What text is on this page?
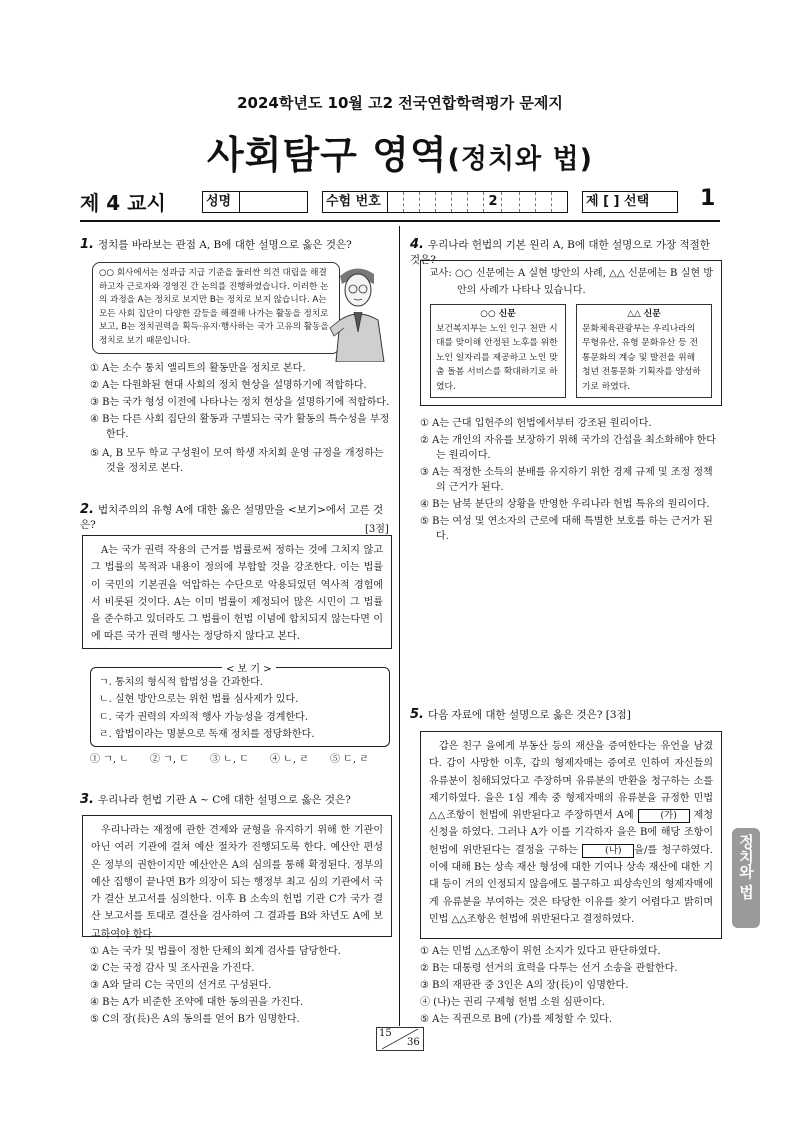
2024학년도 10월 고2 전국연합학력평가 문제지
사회탐구 영역(정치와 법)
제 4 교시	성명	수험 번호	2	제 [ ] 선택	1
1. 정치를 바라보는 관점 A, B에 대한 설명으로 옳은 것은?
○○ 회사에서는 성과급 지급 기준을 둘러싼 의견 대립을 해결하고자 근로자와 경영진 간 논의를 진행하였습니다. 이러한 논의 과정을 A는 정치로 보지만 B는 정치로 보지 않습니다. A는 모든 사회 집단이 다양한 갈등을 해결해 나가는 활동을 정치로 보고, B는 정치권력을 획득·유지·행사하는 국가 고유의 활동을 정치로 보기 때문입니다.
① A는 소수 통치 엘리트의 활동만을 정치로 본다.
② A는 다원화된 현대 사회의 정치 현상을 설명하기에 적합하다.
③ B는 국가 형성 이전에 나타나는 정치 현상을 설명하기에 적합하다.
④ B는 다른 사회 집단의 활동과 구별되는 국가 활동의 특수성을 부정한다.
⑤ A, B 모두 학교 구성원이 모여 학생 자치회 운영 규정을 개정하는 것을 정치로 본다.
2. 법치주의의 유형 A에 대한 옳은 설명만을 <보기>에서 고른 것은?	[3점]
A는 국가 권력 작용의 근거를 법률로써 정하는 것에 그치지 않고 그 법률의 목적과 내용이 정의에 부합할 것을 강조한다. 이는 법률이 국민의 기본권을 억압하는 수단으로 악용되었던 역사적 경험에서 비롯된 것이다. A는 이미 법률이 제정되어 많은 시민이 그 법률을 준수하고 있더라도 그 법률이 헌법 이념에 합치되지 않는다면 이에 따른 국가 권력 행사는 정당하지 않다고 본다.
ㄱ. 통치의 형식적 합법성을 간과한다.
ㄴ. 실현 방안으로는 위헌 법률 심사제가 있다.
ㄷ. 국가 권력의 자의적 행사 가능성을 경계한다.
ㄹ. 합법이라는 명분으로 독재 정치를 정당화한다.
< 보 기 >
① ㄱ, ㄴ	② ㄱ, ㄷ	③ ㄴ, ㄷ	④ ㄴ, ㄹ	⑤ ㄷ, ㄹ
3. 우리나라 헌법 기관 A ~ C에 대한 설명으로 옳은 것은?
우리나라는 재정에 관한 견제와 균형을 유지하기 위해 한 기관이 아닌 여러 기관에 걸쳐 예산 절차가 진행되도록 한다. 예산안 편성은 정부의 권한이지만 예산안은 A의 심의를 통해 확정된다. 정부의 예산 집행이 끝나면 B가 의장이 되는 행정부 최고 심의 기관에서 국가 결산 보고서를 심의한다. 이후 B 소속의 헌법 기관 C가 국가 결산 보고서를 토대로 결산을 검사하여 그 결과를 B와 차년도 A에 보고하여야 한다.
① A는 국가 및 법률이 정한 단체의 회계 검사를 담당한다.
② C는 국정 감사 및 조사권을 가진다.
③ A와 달리 C는 국민의 선거로 구성된다.
④ B는 A가 비준한 조약에 대한 동의권을 가진다.
⑤ C의 장(長)은 A의 동의를 얻어 B가 임명한다.
4. 우리나라 헌법의 기본 원리 A, B에 대한 설명으로 가장 적절한 것은?
교사: ○○ 신문에는 A 실현 방안의 사례, △△ 신문에는 B 실현 방안의 사례가 나타나 있습니다.
○○ 신문
보건복지부는 노인 인구 천만 시대를 맞이해 안정된 노후를 위한 노인 일자리를 제공하고 노인 맞춤 돌봄 서비스를 확대하기로 하였다.
△△ 신문
문화체육관광부는 우리나라의 무형유산, 유형 문화유산 등 전통문화의 계승 및 발전을 위해 청년 전통문화 기획자를 양성하기로 하였다.
① A는 근대 입헌주의 헌법에서부터 강조된 원리이다.
② A는 개인의 자유를 보장하기 위해 국가의 간섭을 최소화해야 한다는 원리이다.
③ A는 적정한 소득의 분배를 유지하기 위한 경제 규제 및 조정 정책의 근거가 된다.
④ B는 남북 분단의 상황을 반영한 우리나라 헌법 특유의 원리이다.
⑤ B는 여성 및 연소자의 근로에 대해 특별한 보호를 하는 근거가 된다.
5. 다음 자료에 대한 설명으로 옳은 것은? [3점]
갑은 친구 을에게 부동산 등의 재산을 증여한다는 유언을 남겼다. 갑이 사망한 이후, 갑의 형제자매는 증여로 인하여 자신들의 유류분이 침해되었다고 주장하며 유류분의 반환을 청구하는 소를 제기하였다. 을은 1심 계속 중 형제자매의 유류분을 규정한 민법 △△조항이 헌법에 위반된다고 주장하면서 A에	(가) 제청 신청을 하였다. 그러나 A가 이를 기각하자 을은 B에 해당 조항이 헌법에 위반된다는 결정을 구하는	(나) 을/를 청구하였다. 이에 대해 B는 상속 재산 형성에 대한 기여나 상속 재산에 대한 기대 등이 거의 인정되지 않음에도 불구하고 피상속인의 형제자매에게 유류분을 부여하는 것은 타당한 이유를 찾기 어렵다고 밝히며 민법 △△조항은 헌법에 위반된다고 결정하였다.
① A는 민법 △△조항이 위헌 소지가 있다고 판단하였다.
② B는 대통령 선거의 효력을 다투는 선거 소송을 관할한다.
③ B의 재판관 중 3인은 A의 장(長)이 임명한다.
④ (나)는 권리 구제형 헌법 소원 심판이다.
⑤ A는 직권으로 B에 (가)를 제청할 수 있다.
정치와 법
15
36
